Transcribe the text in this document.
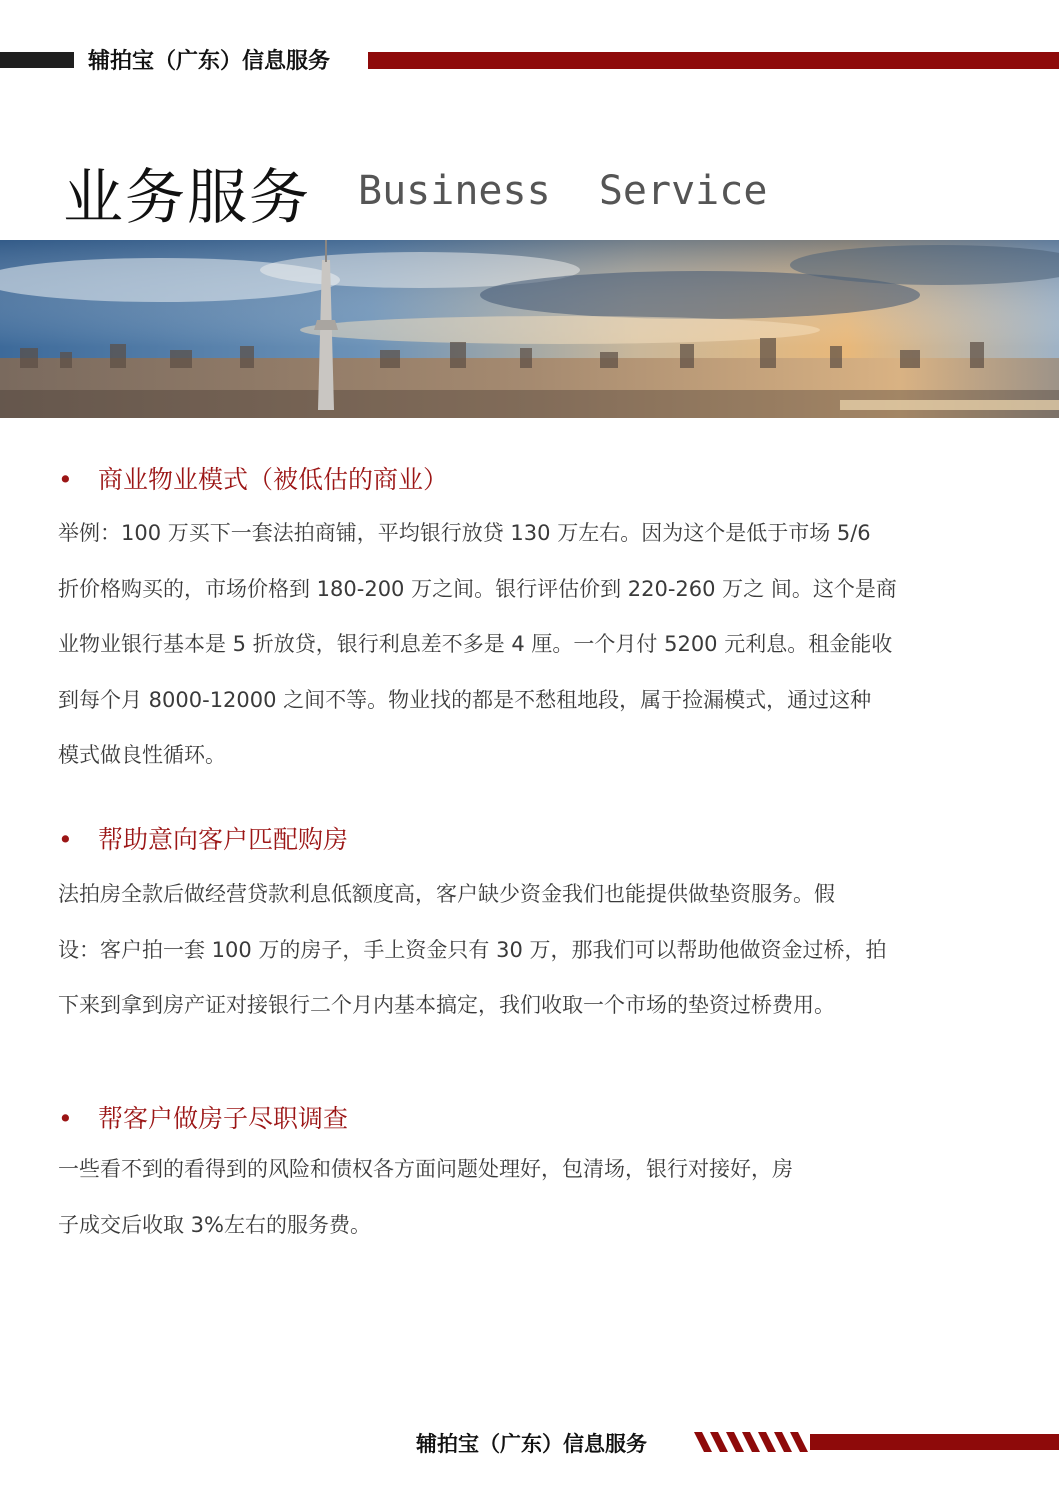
辅拍宝（广东）信息服务
业务服务 Business  Service
• 商业物业模式（被低估的商业）
举例：100 万买下一套法拍商铺，平均银行放贷 130 万左右。因为这个是低于市场 5/6
折价格购买的，市场价格到 180-200 万之间。银行评估价到 220-260 万之 间。这个是商
业物业银行基本是 5 折放贷，银行利息差不多是 4 厘。一个月付 5200 元利息。租金能收
到每个月 8000-12000 之间不等。物业找的都是不愁租地段，属于捡漏模式，通过这种
模式做良性循环。
• 帮助意向客户匹配购房
法拍房全款后做经营贷款利息低额度高，客户缺少资金我们也能提供做垫资服务。假
设：客户拍一套 100 万的房子，手上资金只有 30 万，那我们可以帮助他做资金过桥，拍
下来到拿到房产证对接银行二个月内基本搞定，我们收取一个市场的垫资过桥费用。
• 帮客户做房子尽职调查
一些看不到的看得到的风险和债权各方面问题处理好，包清场，银行对接好，房
子成交后收取 3%左右的服务费。
辅拍宝（广东）信息服务
